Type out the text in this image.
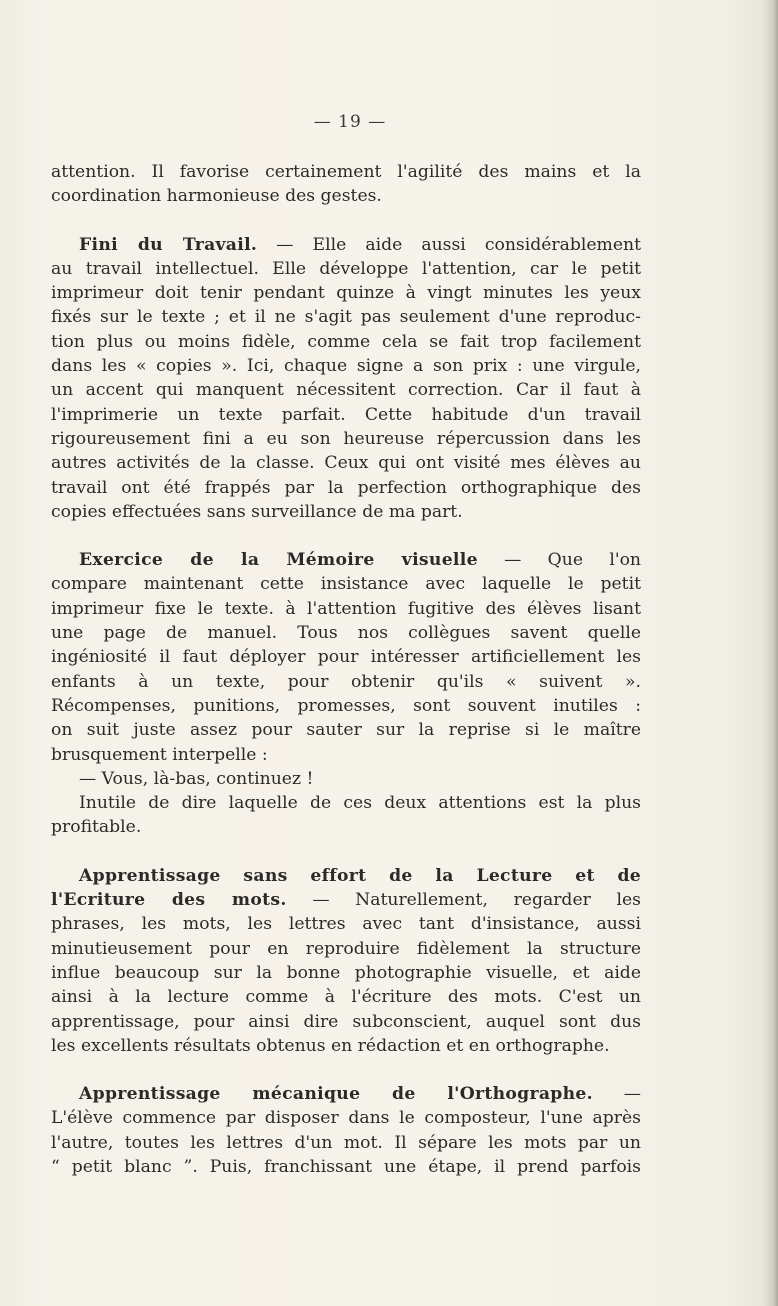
— 19 —

attention. Il favorise certainement l'agilité des mains et la

coordination harmonieuse des gestes.

Fini du Travail. — Elle aide aussi considérablement

au travail intellectuel. Elle développe l'attention, car le petit

imprimeur doit tenir pendant quinze à vingt minutes les yeux

fixés sur le texte ; et il ne s'agit pas seulement d'une reproduc-

tion plus ou moins fidèle, comme cela se fait trop facilement

dans les « copies ». Ici, chaque signe a son prix : une virgule,

un accent qui manquent nécessitent correction. Car il faut à

l'imprimerie un texte parfait. Cette habitude d'un travail

rigoureusement fini a eu son heureuse répercussion dans les

autres activités de la classe. Ceux qui ont visité mes élèves au

travail ont été frappés par la perfection orthographique des

copies effectuées sans surveillance de ma part.

Exercice de la Mémoire visuelle — Que l'on

compare maintenant cette insistance avec laquelle le petit

imprimeur fixe le texte. à l'attention fugitive des élèves lisant

une page de manuel. Tous nos collègues savent quelle

ingéniosité il faut déployer pour intéresser artificiellement les

enfants à un texte, pour obtenir qu'ils « suivent ».

Récompenses, punitions, promesses, sont souvent inutiles :

on suit juste assez pour sauter sur la reprise si le maître

brusquement interpelle :

— Vous, là-bas, continuez !

Inutile de dire laquelle de ces deux attentions est la plus

profitable.

Apprentissage sans effort de la Lecture et de

l'Ecriture des mots. — Naturellement, regarder les

phrases, les mots, les lettres avec tant d'insistance, aussi

minutieusement pour en reproduire fidèlement la structure

influe beaucoup sur la bonne photographie visuelle, et aide

ainsi à la lecture comme à l'écriture des mots. C'est un

apprentissage, pour ainsi dire subconscient, auquel sont dus

les excellents résultats obtenus en rédaction et en orthographe.

Apprentissage mécanique de l'Orthographe. —

L'élève commence par disposer dans le composteur, l'une après

l'autre, toutes les lettres d'un mot. Il sépare les mots par un

“ petit blanc ”. Puis, franchissant une étape, il prend parfois
